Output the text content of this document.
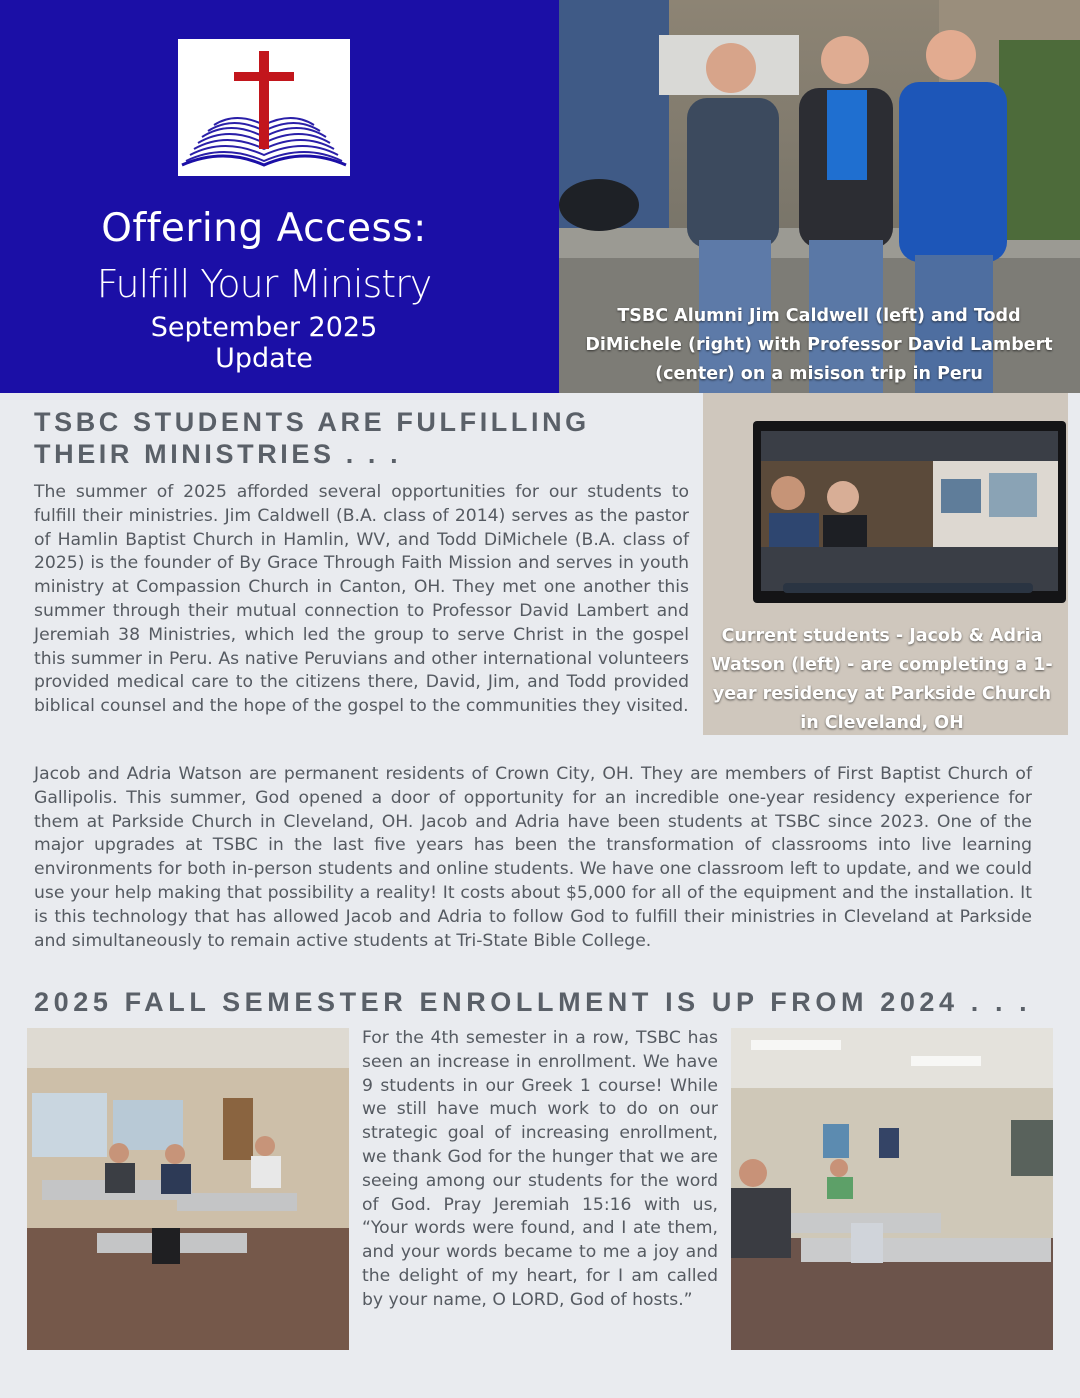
Offering Access:
Fulfill Your Ministry
September 2025
Update
TSBC Alumni Jim Caldwell (left) and Todd DiMichele (right) with Professor David Lambert (center) on a misison trip in Peru
TSBC STUDENTS ARE FULFILLING THEIR MINISTRIES . . .

The summer of 2025 afforded several opportunities for our students to fulfill their ministries. Jim Caldwell (B.A. class of 2014) serves as the pastor of Hamlin Baptist Church in Hamlin, WV, and Todd DiMichele (B.A. class of 2025) is the founder of By Grace Through Faith Mission and serves in youth ministry at Compassion Church in Canton, OH. They met one another this summer through their mutual connection to Professor David Lambert and Jeremiah 38 Ministries, which led the group to serve Christ in the gospel this summer in Peru. As native Peruvians and other international volunteers provided medical care to the citizens there, David, Jim, and Todd provided biblical counsel and the hope of the gospel to the communities they visited.

Current students - Jacob & Adria Watson (left) - are completing a 1-year residency at Parkside Church in Cleveland, OH

Jacob and Adria Watson are permanent residents of Crown City, OH. They are members of First Baptist Church of Gallipolis. This summer, God opened a door of opportunity for an incredible one-year residency experience for them at Parkside Church in Cleveland, OH. Jacob and Adria have been students at TSBC since 2023. One of the major upgrades at TSBC in the last five years has been the transformation of classrooms into live learning environments for both in-person students and online students. We have one classroom left to update, and we could use your help making that possibility a reality! It costs about $5,000 for all of the equipment and the installation. It is this technology that has allowed Jacob and Adria to follow God to fulfill their ministries in Cleveland at Parkside and simultaneously to remain active students at Tri-State Bible College.

2025 FALL SEMESTER ENROLLMENT IS UP FROM 2024 . . .

For the 4th semester in a row, TSBC has seen an increase in enrollment. We have 9 students in our Greek 1 course! While we still have much work to do on our strategic goal of increasing enrollment, we thank God for the hunger that we are seeing among our students for the word of God. Pray Jeremiah 15:16 with us, “Your words were found, and I ate them, and your words became to me a joy and the delight of my heart, for I am called by your name, O LORD, God of hosts.”
